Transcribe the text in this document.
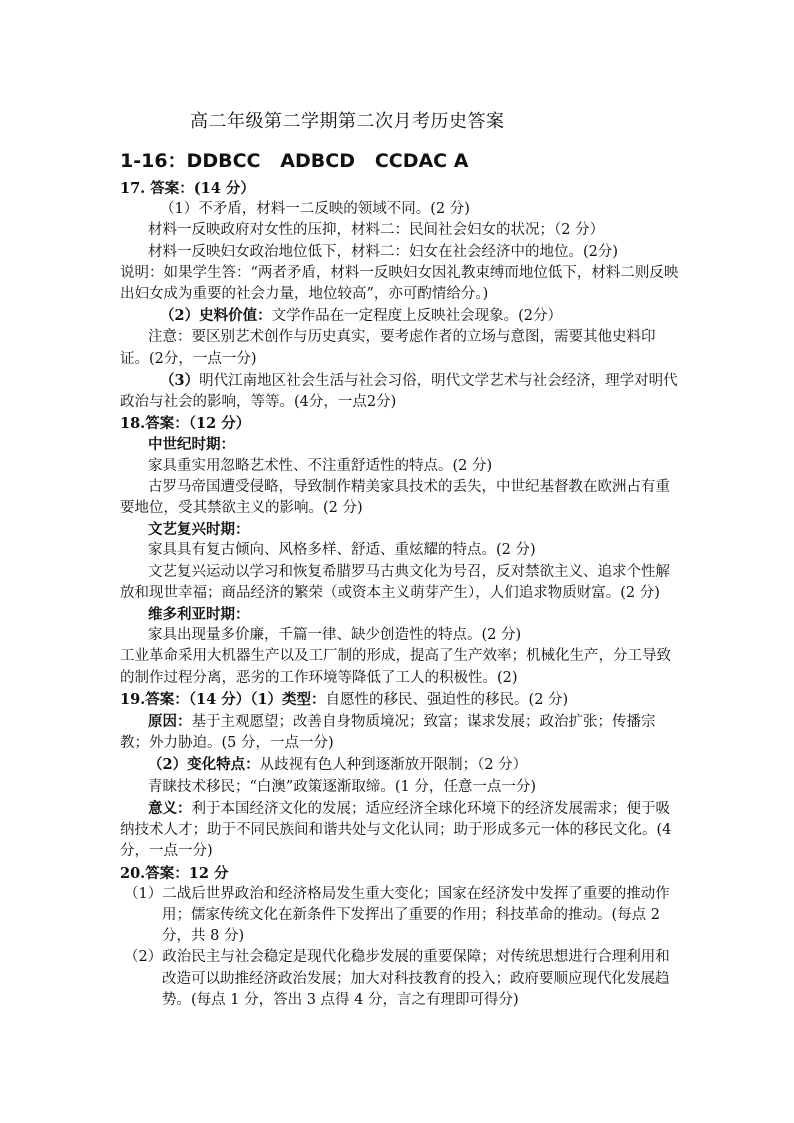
高二年级第二学期第二次月考历史答案
1-16：DDBCC   ADBCD   CCDAC A
17. 答案：(14 分）
（1）不矛盾，材料一二反映的领域不同。(2 分)
材料一反映政府对女性的压抑，材料二：民间社会妇女的状况；（2 分）
材料一反映妇女政治地位低下，材料二：妇女在社会经济中的地位。(2分)
说明：如果学生答：“两者矛盾，材料一反映妇女因礼教束缚而地位低下，材料二则反映出妇女成为重要的社会力量，地位较高”，亦可酌情给分。)
（2）史料价值：文学作品在一定程度上反映社会现象。(2分）
注意：要区别艺术创作与历史真实，要考虑作者的立场与意图，需要其他史料印证。(2分，一点一分)
（3）明代江南地区社会生活与社会习俗，明代文学艺术与社会经济，理学对明代政治与社会的影响，等等。(4分，一点2分)
18.答案：（12 分）
中世纪时期：
家具重实用忽略艺术性、不注重舒适性的特点。(2 分)
古罗马帝国遭受侵略，导致制作精美家具技术的丢失，中世纪基督教在欧洲占有重要地位，受其禁欲主义的影响。(2 分)
文艺复兴时期：
家具具有复古倾向、风格多样、舒适、重炫耀的特点。(2 分)
文艺复兴运动以学习和恢复希腊罗马古典文化为号召，反对禁欲主义、追求个性解放和现世幸福；商品经济的繁荣（或资本主义萌芽产生），人们追求物质财富。(2 分)
维多利亚时期：
家具出现量多价廉，千篇一律、缺少创造性的特点。(2 分)
工业革命采用大机器生产以及工厂制的形成，提高了生产效率；机械化生产，分工导致的制作过程分离，恶劣的工作环境等降低了工人的积极性。(2)
19.答案：（14 分）（1）类型：自愿性的移民、强迫性的移民。(2 分)
原因：基于主观愿望；改善自身物质境况；致富；谋求发展；政治扩张；传播宗教；外力胁迫。(5 分，一点一分)
（2）变化特点：从歧视有色人种到逐渐放开限制；（2 分）
青睐技术移民；“白澳”政策逐渐取缔。(1 分，任意一点一分)
意义：利于本国经济文化的发展；适应经济全球化环境下的经济发展需求；便于吸纳技术人才；助于不同民族间和谐共处与文化认同；助于形成多元一体的移民文化。(4 分，一点一分)
20.答案：12 分
（1）二战后世界政治和经济格局发生重大变化；国家在经济发中发挥了重要的推动作用；儒家传统文化在新条件下发挥出了重要的作用；科技革命的推动。(每点 2 分，共 8 分)
（2）政治民主与社会稳定是现代化稳步发展的重要保障；对传统思想进行合理利用和改造可以助推经济政治发展；加大对科技教育的投入；政府要顺应现代化发展趋势。(每点 1 分，答出 3 点得 4 分，言之有理即可得分)
